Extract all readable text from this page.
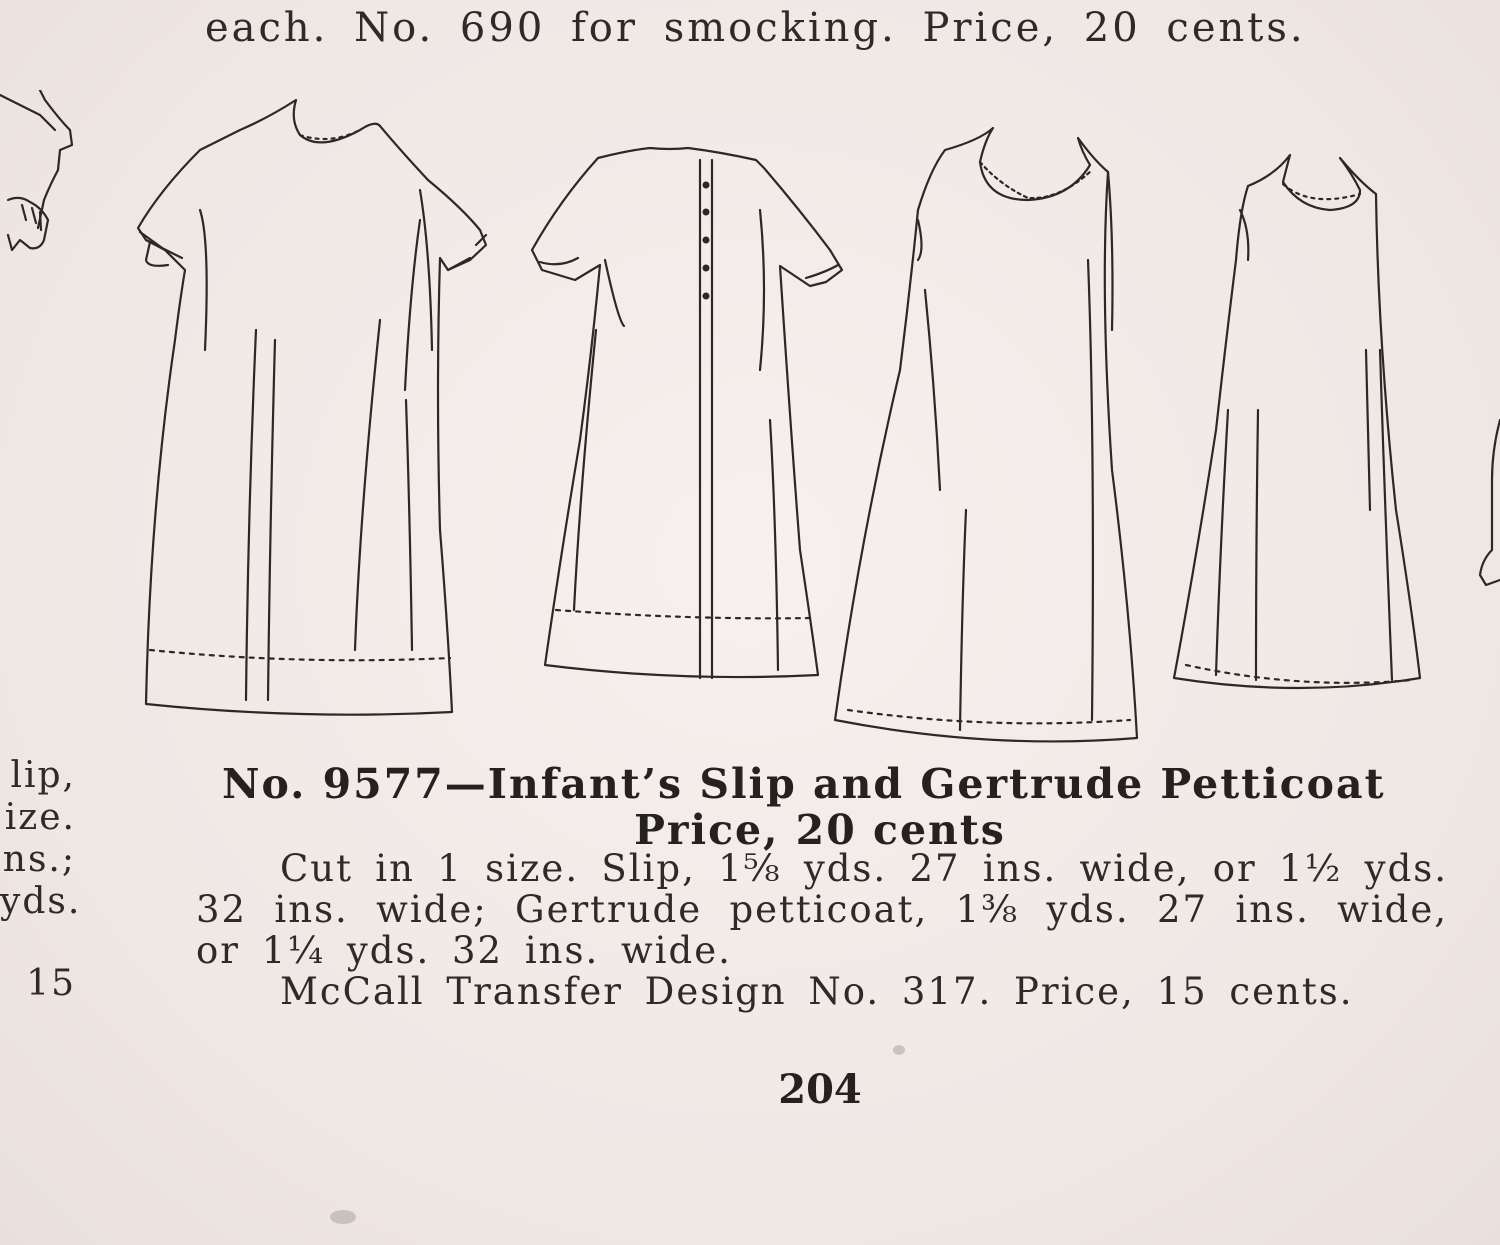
each. No. 690 for smocking. Price, 20 cents.
lip,
ize.
ns.;
yds.
15
No. 9577—Infant’s Slip and Gertrude Petticoat
Price, 20 cents

Cut in 1 size. Slip, 1⅝ yds. 27 ins. wide, or 1½ yds. 32 ins. wide; Gertrude petticoat, 1⅜ yds. 27 ins. wide, or 1¼ yds. 32 ins. wide.

McCall Transfer Design No. 317. Price, 15 cents.

204
